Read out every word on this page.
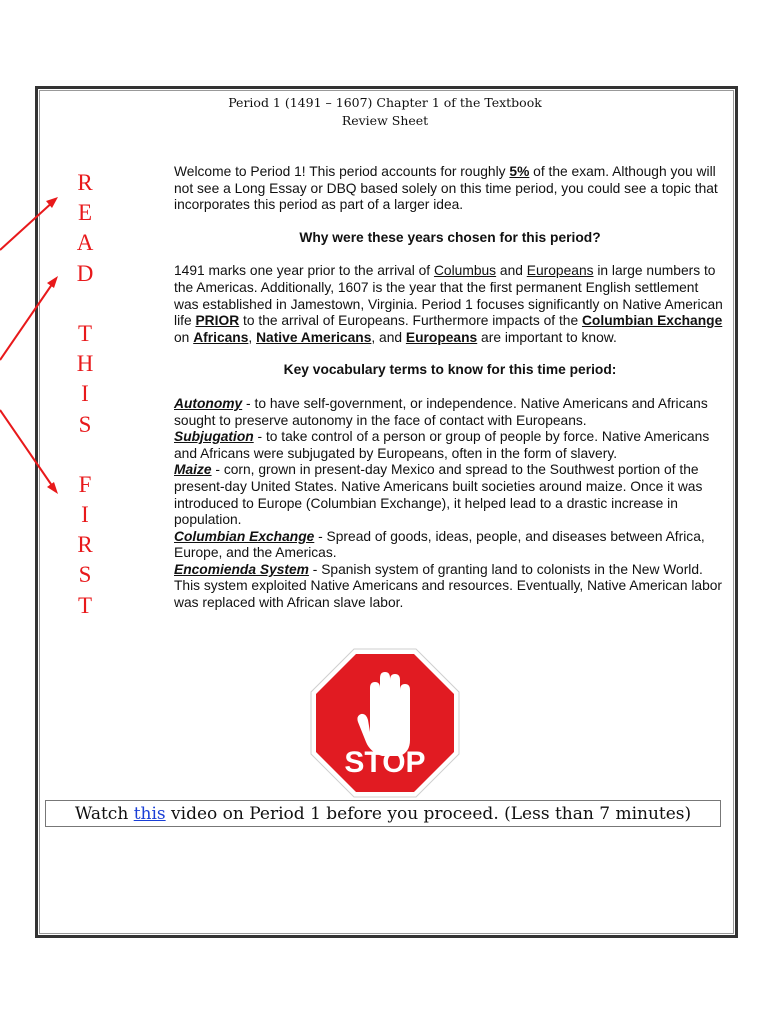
Period 1 (1491 – 1607) Chapter 1 of the Textbook
Review Sheet
R
E
A
D
T
H
I
S
F
I
R
S
T

Welcome to Period 1! This period accounts for roughly 5% of the exam. Although you will not see a Long Essay or DBQ based solely on this time period, you could see a topic that incorporates this period as part of a larger idea.

Why were these years chosen for this period?

1491 marks one year prior to the arrival of Columbus and Europeans in large numbers to the Americas. Additionally, 1607 is the year that the first permanent English settlement was established in Jamestown, Virginia. Period 1 focuses significantly on Native American life PRIOR to the arrival of Europeans. Furthermore impacts of the Columbian Exchange on Africans, Native Americans, and Europeans are important to know.

Key vocabulary terms to know for this time period:

Autonomy - to have self-government, or independence. Native Americans and Africans sought to preserve autonomy in the face of contact with Europeans.

Subjugation - to take control of a person or group of people by force. Native Americans and Africans were subjugated by Europeans, often in the form of slavery.

Maize - corn, grown in present-day Mexico and spread to the Southwest portion of the present-day United States. Native Americans built societies around maize. Once it was introduced to Europe (Columbian Exchange), it helped lead to a drastic increase in population.

Columbian Exchange - Spread of goods, ideas, people, and diseases between Africa, Europe, and the Americas.

Encomienda System - Spanish system of granting land to colonists in the New World. This system exploited Native Americans and resources. Eventually, Native American labor was replaced with African slave labor.

STOP
Watch this video on Period 1 before you proceed. (Less than 7 minutes)
